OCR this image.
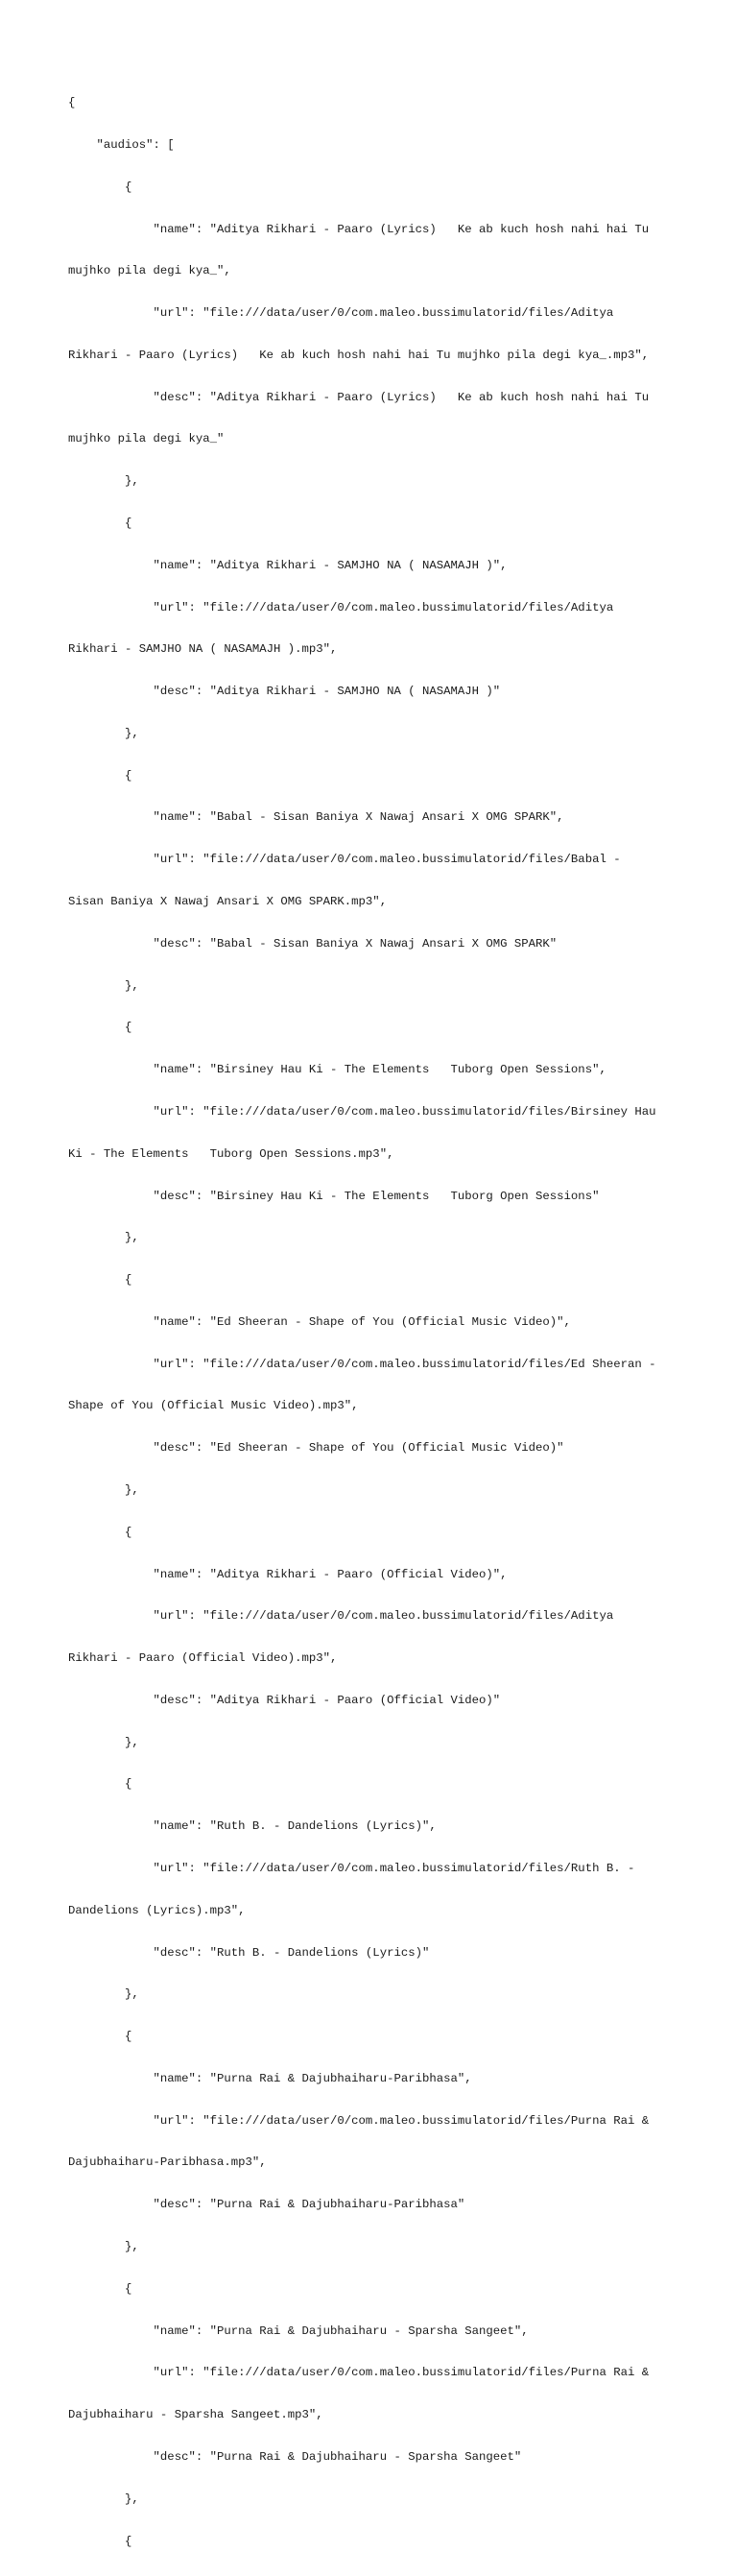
{

"audios": [

{

"name": "Aditya Rikhari - Paaro (Lyrics)   Ke ab kuch hosh nahi hai Tu

mujhko pila degi kya_",

"url": "file:///data/user/0/com.maleo.bussimulatorid/files/Aditya

Rikhari - Paaro (Lyrics)   Ke ab kuch hosh nahi hai Tu mujhko pila degi kya_.mp3",

"desc": "Aditya Rikhari - Paaro (Lyrics)   Ke ab kuch hosh nahi hai Tu

mujhko pila degi kya_"

},

{

"name": "Aditya Rikhari - SAMJHO NA ( NASAMAJH )",

"url": "file:///data/user/0/com.maleo.bussimulatorid/files/Aditya

Rikhari - SAMJHO NA ( NASAMAJH ).mp3",

"desc": "Aditya Rikhari - SAMJHO NA ( NASAMAJH )"

},

{

"name": "Babal - Sisan Baniya X Nawaj Ansari X OMG SPARK",

"url": "file:///data/user/0/com.maleo.bussimulatorid/files/Babal -

Sisan Baniya X Nawaj Ansari X OMG SPARK.mp3",

"desc": "Babal - Sisan Baniya X Nawaj Ansari X OMG SPARK"

},

{

"name": "Birsiney Hau Ki - The Elements   Tuborg Open Sessions",

"url": "file:///data/user/0/com.maleo.bussimulatorid/files/Birsiney Hau

Ki - The Elements   Tuborg Open Sessions.mp3",

"desc": "Birsiney Hau Ki - The Elements   Tuborg Open Sessions"

},

{

"name": "Ed Sheeran - Shape of You (Official Music Video)",

"url": "file:///data/user/0/com.maleo.bussimulatorid/files/Ed Sheeran -

Shape of You (Official Music Video).mp3",

"desc": "Ed Sheeran - Shape of You (Official Music Video)"

},

{

"name": "Aditya Rikhari - Paaro (Official Video)",

"url": "file:///data/user/0/com.maleo.bussimulatorid/files/Aditya

Rikhari - Paaro (Official Video).mp3",

"desc": "Aditya Rikhari - Paaro (Official Video)"

},

{

"name": "Ruth B. - Dandelions (Lyrics)",

"url": "file:///data/user/0/com.maleo.bussimulatorid/files/Ruth B. -

Dandelions (Lyrics).mp3",

"desc": "Ruth B. - Dandelions (Lyrics)"

},

{

"name": "Purna Rai & Dajubhaiharu-Paribhasa",

"url": "file:///data/user/0/com.maleo.bussimulatorid/files/Purna Rai &

Dajubhaiharu-Paribhasa.mp3",

"desc": "Purna Rai & Dajubhaiharu-Paribhasa"

},

{

"name": "Purna Rai & Dajubhaiharu - Sparsha Sangeet",

"url": "file:///data/user/0/com.maleo.bussimulatorid/files/Purna Rai &

Dajubhaiharu - Sparsha Sangeet.mp3",

"desc": "Purna Rai & Dajubhaiharu - Sparsha Sangeet"

},

{
